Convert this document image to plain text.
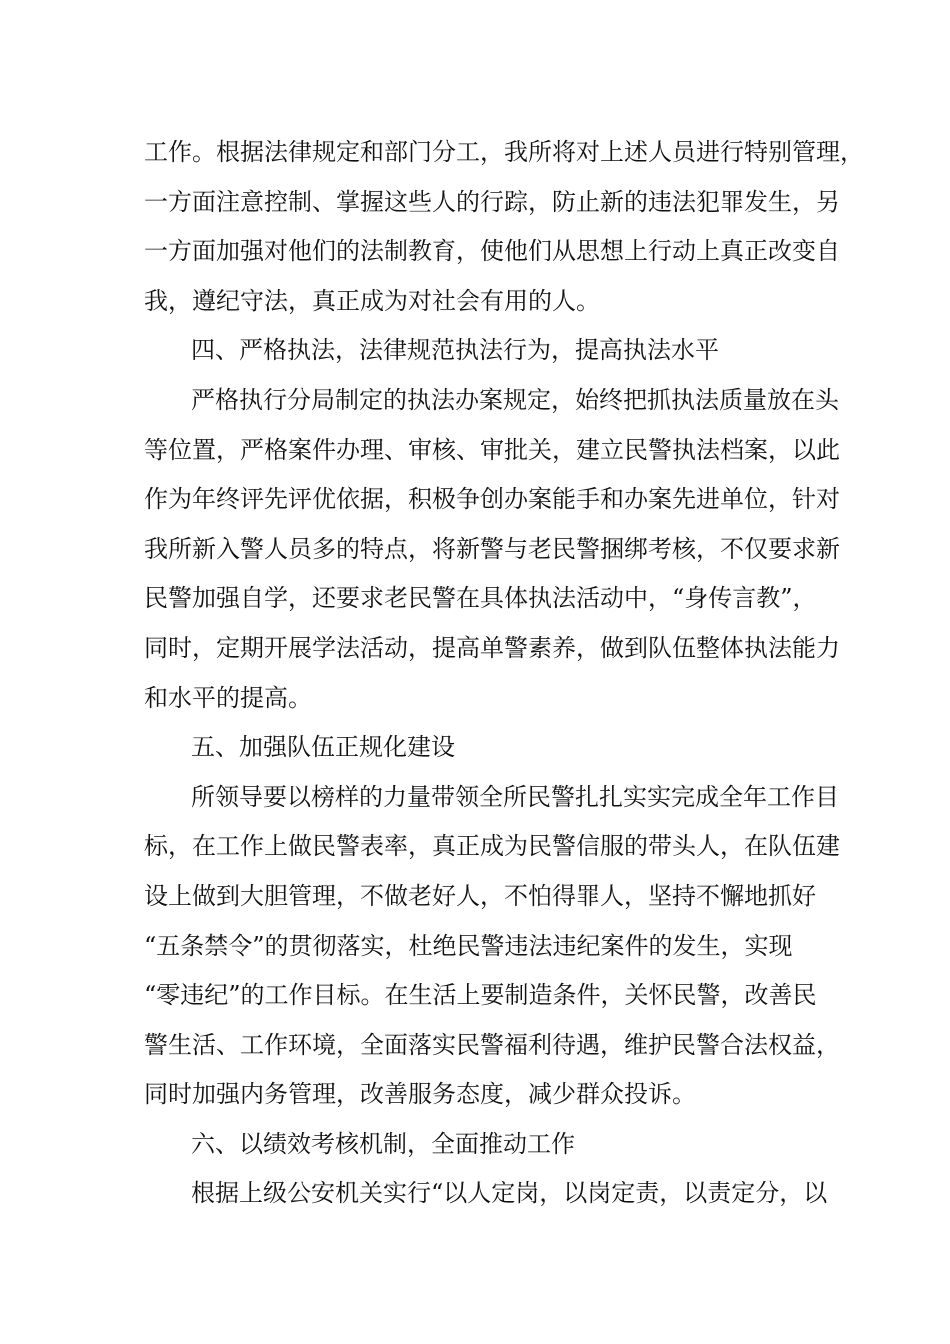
工作。根据法律规定和部门分工，我所将对上述人员进行特别管理，
一方面注意控制、掌握这些人的行踪，防止新的违法犯罪发生，另
一方面加强对他们的法制教育，使他们从思想上行动上真正改变自
我，遵纪守法，真正成为对社会有用的人。
四、严格执法，法律规范执法行为，提高执法水平
严格执行分局制定的执法办案规定，始终把抓执法质量放在头
等位置，严格案件办理、审核、审批关，建立民警执法档案，以此
作为年终评先评优依据，积极争创办案能手和办案先进单位，针对
我所新入警人员多的特点，将新警与老民警捆绑考核，不仅要求新
民警加强自学，还要求老民警在具体执法活动中，“身传言教”，
同时，定期开展学法活动，提高单警素养，做到队伍整体执法能力
和水平的提高。
五、加强队伍正规化建设
所领导要以榜样的力量带领全所民警扎扎实实完成全年工作目
标，在工作上做民警表率，真正成为民警信服的带头人，在队伍建
设上做到大胆管理，不做老好人，不怕得罪人，坚持不懈地抓好
“五条禁令”的贯彻落实，杜绝民警违法违纪案件的发生，实现
“零违纪”的工作目标。在生活上要制造条件，关怀民警，改善民
警生活、工作环境，全面落实民警福利待遇，维护民警合法权益，
同时加强内务管理，改善服务态度，减少群众投诉。
六、以绩效考核机制，全面推动工作
根据上级公安机关实行“以人定岗，以岗定责，以责定分，以
